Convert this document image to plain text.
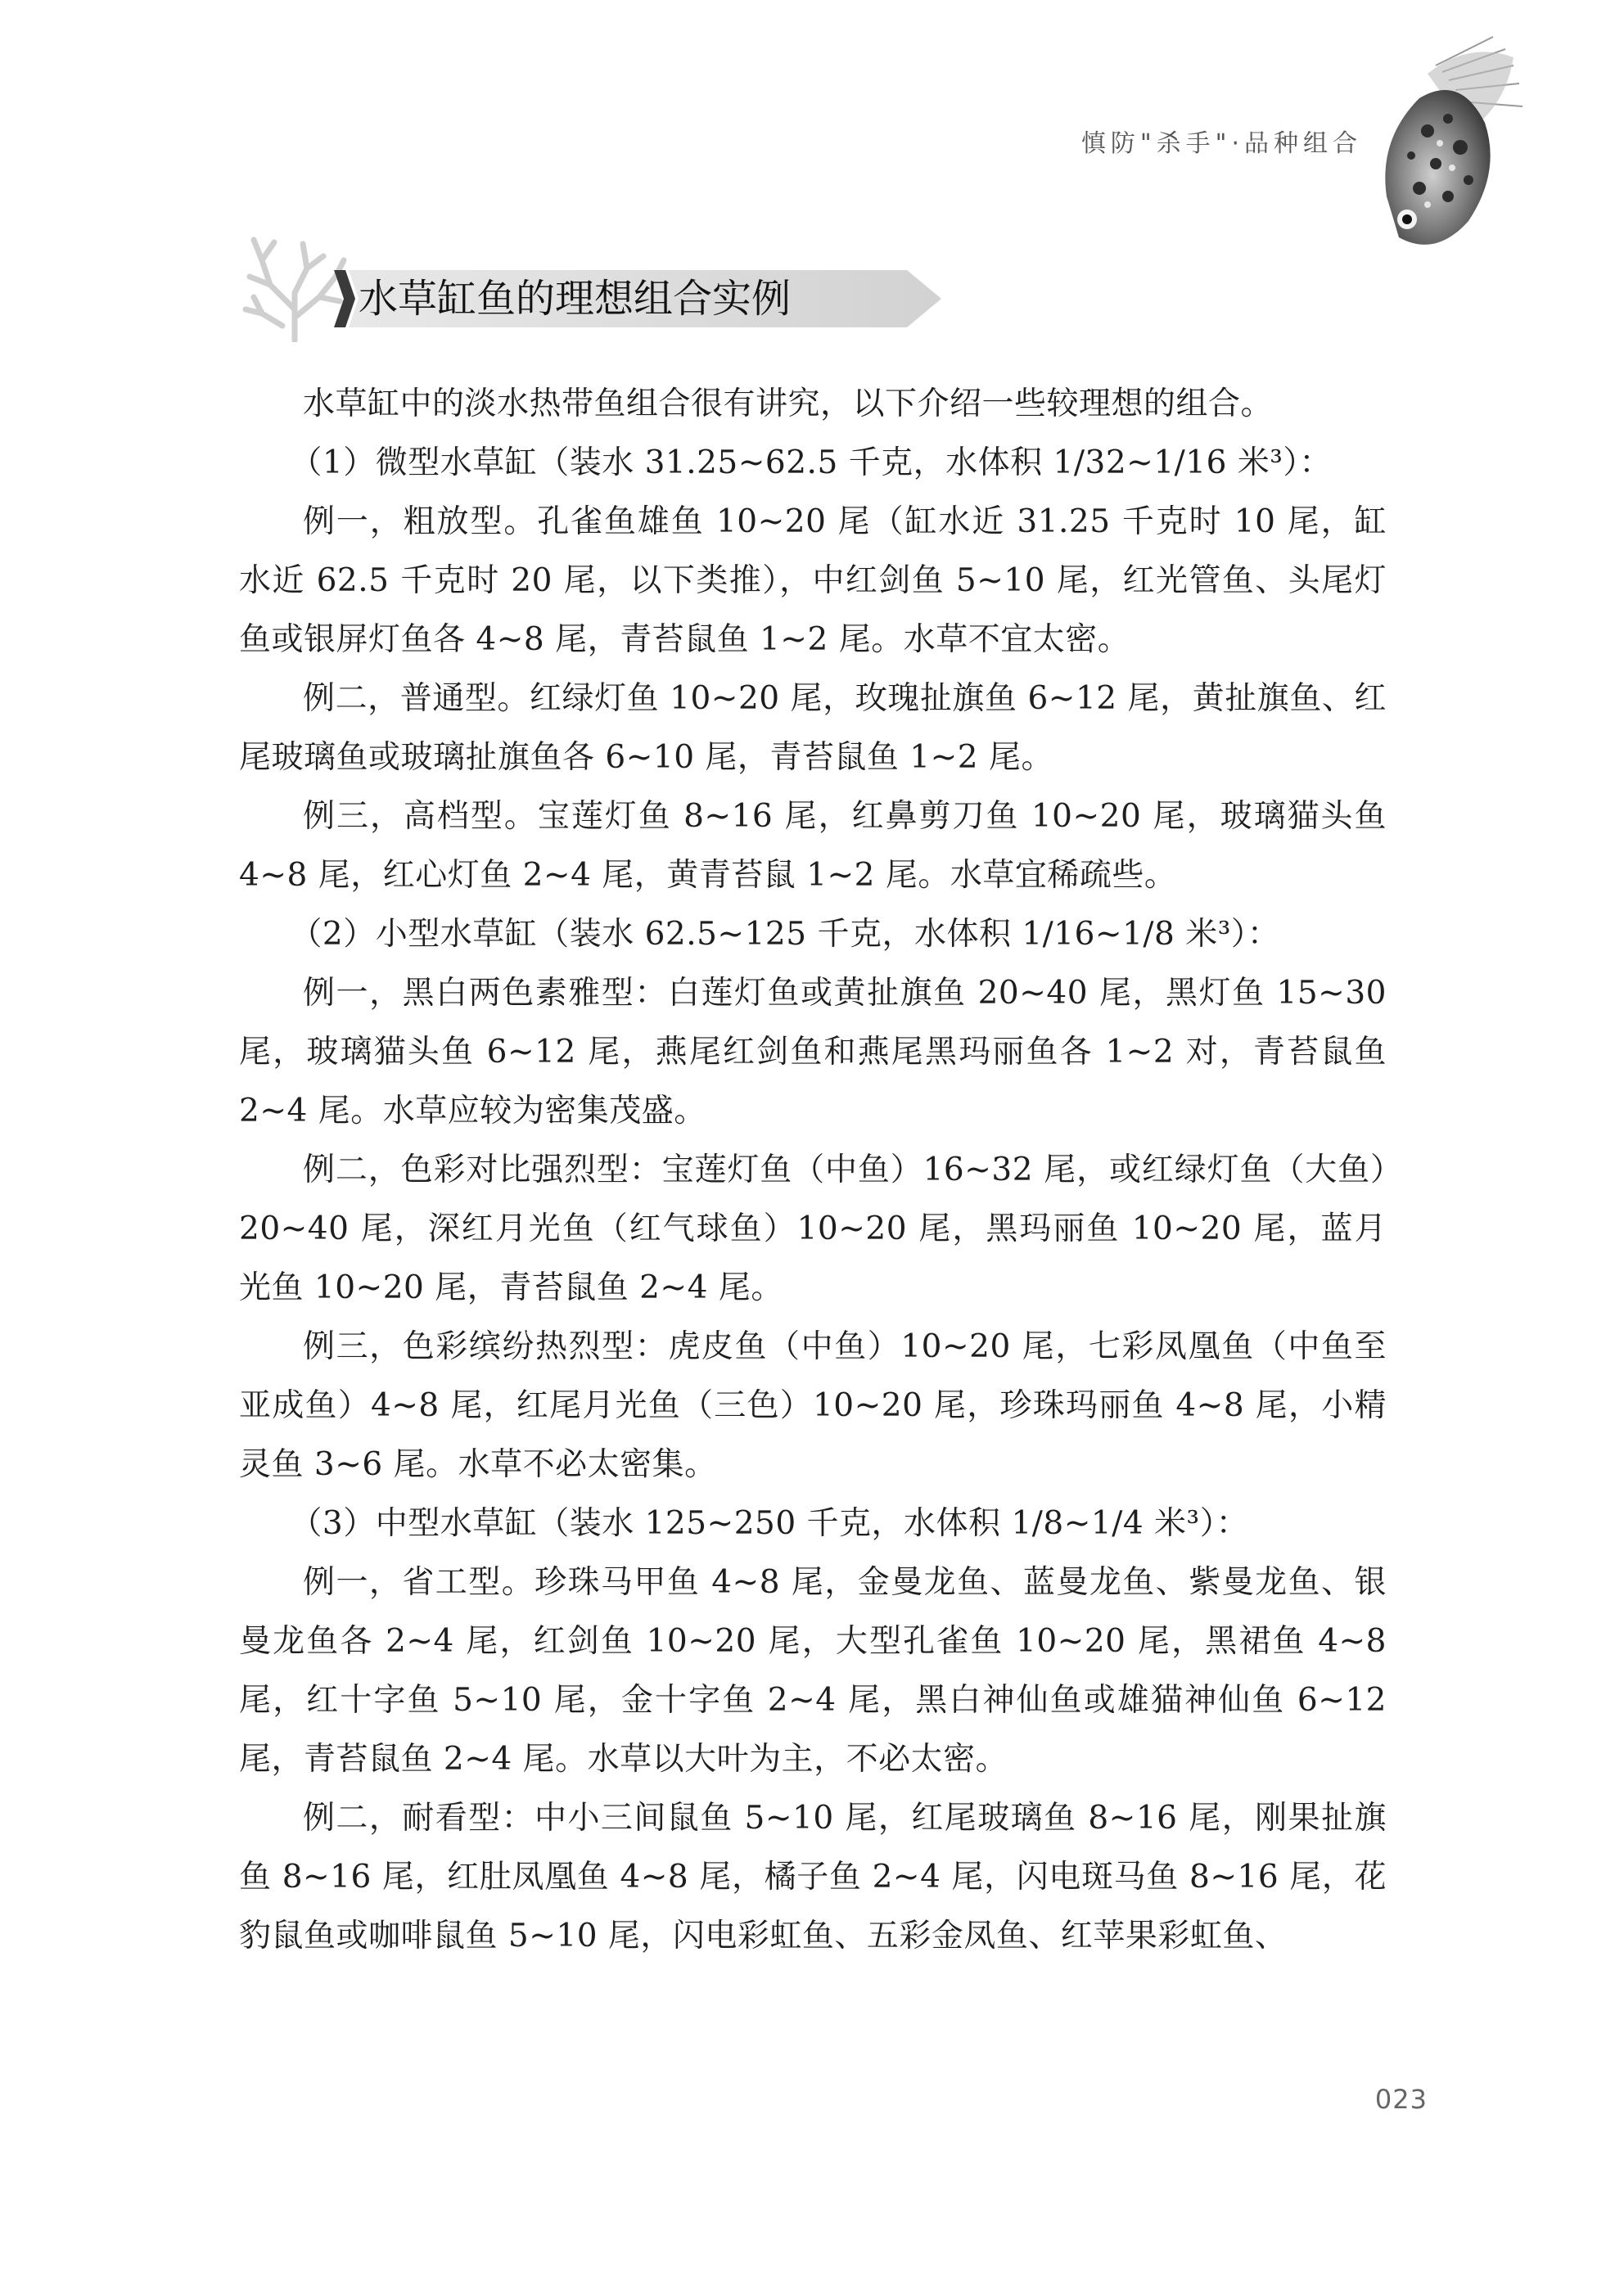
慎防"杀手"·品种组合
水草缸鱼的理想组合实例

水草缸中的淡水热带鱼组合很有讲究，以下介绍一些较理想的组合。

（1）微型水草缸（装水 31.25~62.5 千克，水体积 1/32~1/16 米³）：

例一，粗放型。孔雀鱼雄鱼 10~20 尾（缸水近 31.25 千克时 10 尾，缸水近 62.5 千克时 20 尾，以下类推），中红剑鱼 5~10 尾，红光管鱼、头尾灯鱼或银屏灯鱼各 4~8 尾，青苔鼠鱼 1~2 尾。水草不宜太密。

例二，普通型。红绿灯鱼 10~20 尾，玫瑰扯旗鱼 6~12 尾，黄扯旗鱼、红尾玻璃鱼或玻璃扯旗鱼各 6~10 尾，青苔鼠鱼 1~2 尾。

例三，高档型。宝莲灯鱼 8~16 尾，红鼻剪刀鱼 10~20 尾，玻璃猫头鱼 4~8 尾，红心灯鱼 2~4 尾，黄青苔鼠 1~2 尾。水草宜稀疏些。

（2）小型水草缸（装水 62.5~125 千克，水体积 1/16~1/8 米³）：

例一，黑白两色素雅型：白莲灯鱼或黄扯旗鱼 20~40 尾，黑灯鱼 15~30 尾，玻璃猫头鱼 6~12 尾，燕尾红剑鱼和燕尾黑玛丽鱼各 1~2 对，青苔鼠鱼 2~4 尾。水草应较为密集茂盛。

例二，色彩对比强烈型：宝莲灯鱼（中鱼）16~32 尾，或红绿灯鱼（大鱼）20~40 尾，深红月光鱼（红气球鱼）10~20 尾，黑玛丽鱼 10~20 尾，蓝月光鱼 10~20 尾，青苔鼠鱼 2~4 尾。

例三，色彩缤纷热烈型：虎皮鱼（中鱼）10~20 尾，七彩凤凰鱼（中鱼至亚成鱼）4~8 尾，红尾月光鱼（三色）10~20 尾，珍珠玛丽鱼 4~8 尾，小精灵鱼 3~6 尾。水草不必太密集。

（3）中型水草缸（装水 125~250 千克，水体积 1/8~1/4 米³）：

例一，省工型。珍珠马甲鱼 4~8 尾，金曼龙鱼、蓝曼龙鱼、紫曼龙鱼、银曼龙鱼各 2~4 尾，红剑鱼 10~20 尾，大型孔雀鱼 10~20 尾，黑裙鱼 4~8 尾，红十字鱼 5~10 尾，金十字鱼 2~4 尾，黑白神仙鱼或雄猫神仙鱼 6~12 尾，青苔鼠鱼 2~4 尾。水草以大叶为主，不必太密。

例二，耐看型：中小三间鼠鱼 5~10 尾，红尾玻璃鱼 8~16 尾，刚果扯旗鱼 8~16 尾，红肚凤凰鱼 4~8 尾，橘子鱼 2~4 尾，闪电斑马鱼 8~16 尾，花豹鼠鱼或咖啡鼠鱼 5~10 尾，闪电彩虹鱼、五彩金凤鱼、红苹果彩虹鱼、

023
